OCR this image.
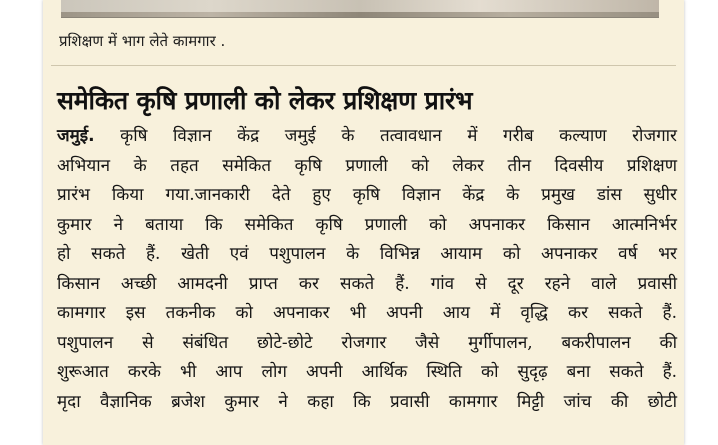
प्रशिक्षण में भाग लेते कामगार .
समेकित कृषि प्रणाली को लेकर प्रशिक्षण प्रारंभ
जमुई. कृषि विज्ञान केंद्र जमुई के तत्वावधान में गरीब कल्याण रोजगार
अभियान के तहत समेकित कृषि प्रणाली को लेकर तीन दिवसीय प्रशिक्षण
प्रारंभ किया गया.जानकारी देते हुए कृषि विज्ञान केंद्र के प्रमुख डांस सुधीर
कुमार ने बताया कि समेकित कृषि प्रणाली को अपनाकर किसान आत्मनिर्भर
हो सकते हैं. खेती एवं पशुपालन के विभिन्न आयाम को अपनाकर वर्ष भर
किसान अच्छी आमदनी प्राप्त कर सकते हैं. गांव से दूर रहने वाले प्रवासी
कामगार इस तकनीक को अपनाकर भी अपनी आय में वृद्धि कर सकते हैं.
पशुपालन से संबंधित छोटे-छोटे रोजगार जैसे मुर्गीपालन, बकरीपालन की
शुरूआत करके भी आप लोग अपनी आर्थिक स्थिति को सुदृढ़ बना सकते हैं.
मृदा वैज्ञानिक ब्रजेश कुमार ने कहा कि प्रवासी कामगार मिट्टी जांच की छोटी
